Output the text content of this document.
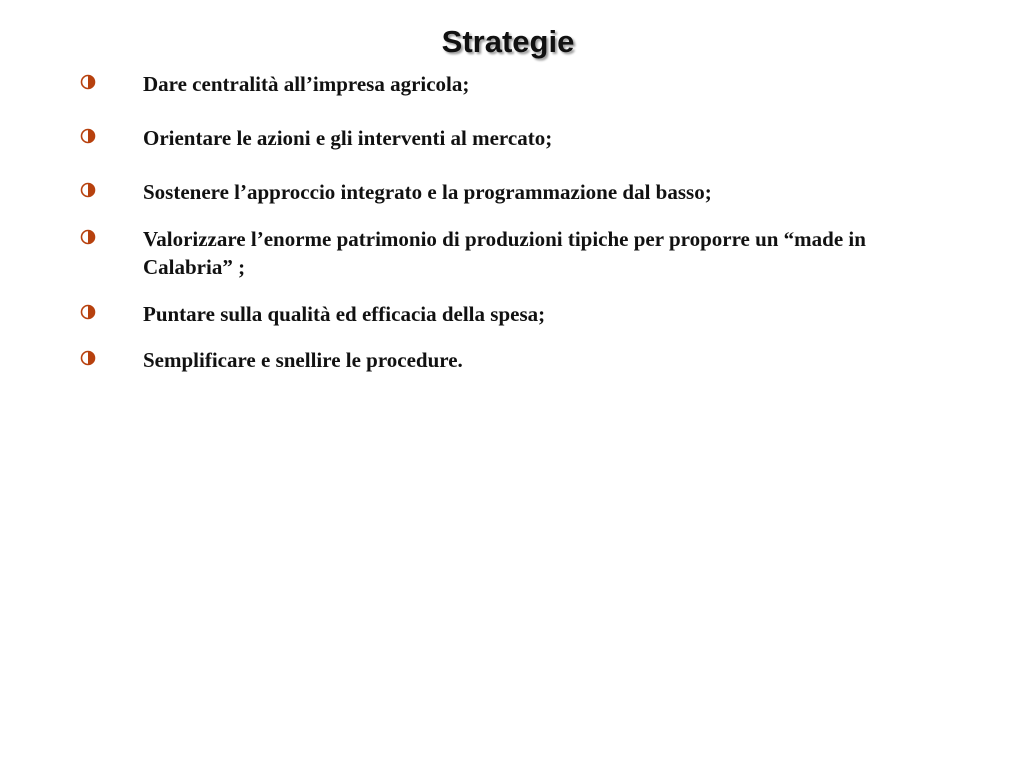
Strategie

Dare centralità all’impresa agricola;

Orientare le azioni e gli interventi al mercato;

Sostenere l’approccio integrato e la programmazione dal basso;

Valorizzare l’enorme patrimonio di produzioni tipiche per proporre un “made in Calabria” ;

Puntare sulla qualità ed efficacia della spesa;

Semplificare e snellire le procedure.
